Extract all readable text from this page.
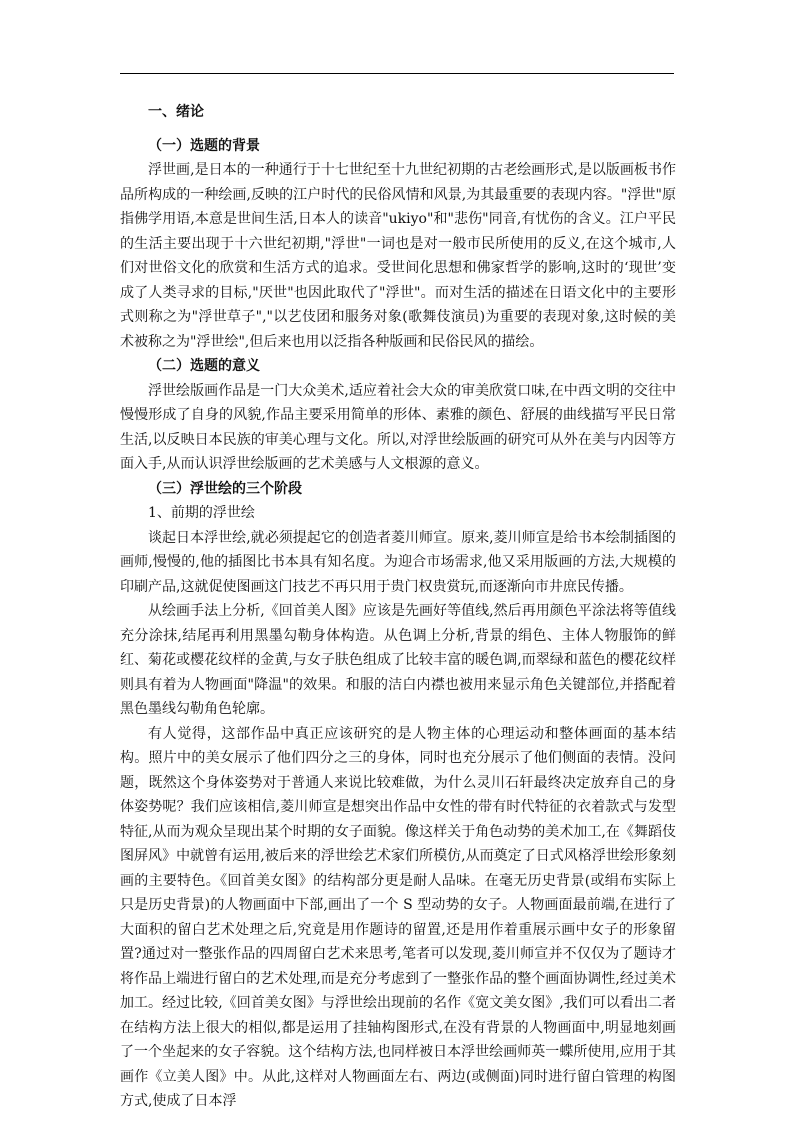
一、绪论
（一）选题的背景

浮世画,是日本的一种通行于十七世纪至十九世纪初期的古老绘画形式,是以版画板书作品所构成的一种绘画,反映的江户时代的民俗风情和风景,为其最重要的表现内容。"浮世"原指佛学用语,本意是世间生活,日本人的读音"ukiyo"和"悲伤"同音,有忧伤的含义。江户平民的生活主要出现于十六世纪初期,"浮世"一词也是对一般市民所使用的反义,在这个城市,人们对世俗文化的欣赏和生活方式的追求。受世间化思想和佛家哲学的影响,这时的‘现世’变成了人类寻求的目标,"厌世"也因此取代了"浮世"。而对生活的描述在日语文化中的主要形式则称之为"浮世草子","以艺伎团和服务对象(歌舞伎演员)为重要的表现对象,这时候的美术被称之为"浮世绘",但后来也用以泛指各种版画和民俗民风的描绘。

（二）选题的意义

浮世绘版画作品是一门大众美术,适应着社会大众的审美欣赏口味,在中西文明的交往中慢慢形成了自身的风貌,作品主要采用简单的形体、素雅的颜色、舒展的曲线描写平民日常生活,以反映日本民族的审美心理与文化。所以,对浮世绘版画的研究可从外在美与内因等方面入手,从而认识浮世绘版画的艺术美感与人文根源的意义。

（三）浮世绘的三个阶段
1、前期的浮世绘

谈起日本浮世绘,就必须提起它的创造者菱川师宣。原来,菱川师宣是给书本绘制插图的画师,慢慢的,他的插图比书本具有知名度。为迎合市场需求,他又采用版画的方法,大规模的印刷产品,这就促使图画这门技艺不再只用于贵门权贵赏玩,而逐渐向市井庶民传播。

从绘画手法上分析,《回首美人图》应该是先画好等值线,然后再用颜色平涂法将等值线充分涂抹,结尾再利用黑墨勾勒身体构造。从色调上分析,背景的绢色、主体人物服饰的鲜红、菊花或樱花纹样的金黄,与女子肤色组成了比较丰富的暖色调,而翠绿和蓝色的樱花纹样则具有着为人物画面"降温"的效果。和服的洁白内襟也被用来显示角色关键部位,并搭配着黑色墨线勾勒角色轮廓。

有人觉得，这部作品中真正应该研究的是人物主体的心理运动和整体画面的基本结构。照片中的美女展示了他们四分之三的身体，同时也充分展示了他们侧面的表情。没问题，既然这个身体姿势对于普通人来说比较难做，为什么灵川石轩最终决定放弃自己的身体姿势呢？我们应该相信,菱川师宣是想突出作品中女性的带有时代特征的衣着款式与发型特征,从而为观众呈现出某个时期的女子面貌。像这样关于角色动势的美术加工,在《舞蹈伎图屏风》中就曾有运用,被后来的浮世绘艺术家们所模仿,从而奠定了日式风格浮世绘形象刻画的主要特色。《回首美女图》的结构部分更是耐人品味。在毫无历史背景(或绢布实际上只是历史背景)的人物画面中下部,画出了一个 S 型动势的女子。人物画面最前端,在进行了大面积的留白艺术处理之后,究竟是用作题诗的留置,还是用作着重展示画中女子的形象留置?通过对一整张作品的四周留白艺术来思考,笔者可以发现,菱川师宣并不仅仅为了题诗才将作品上端进行留白的艺术处理,而是充分考虑到了一整张作品的整个画面协调性,经过美术加工。经过比较,《回首美女图》与浮世绘出现前的名作《宽文美女图》,我们可以看出二者在结构方法上很大的相似,都是运用了挂轴构图形式,在没有背景的人物画面中,明显地刻画了一个坐起来的女子容貌。这个结构方法,也同样被日本浮世绘画师英一蝶所使用,应用于其画作《立美人图》中。从此,这样对人物画面左右、两边(或侧面)同时进行留白管理的构图方式,使成了日本浮
